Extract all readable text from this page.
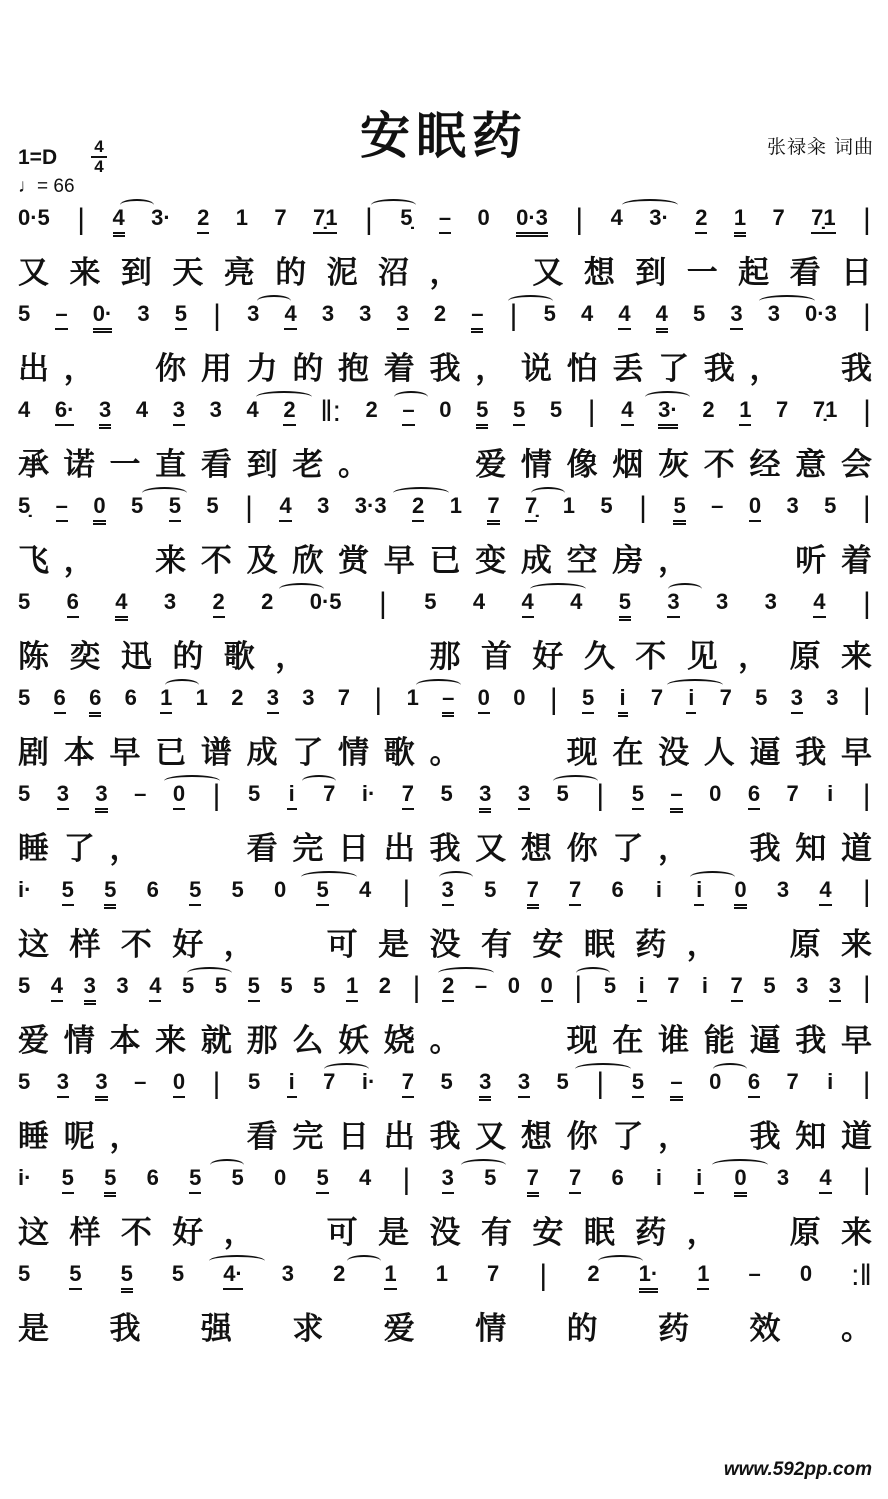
安眠药	张禄籴 词曲
$1=D \frac{4}{4}$
♩= 66
0·5 | 4 3· 2 1 7 7̣1 | 5̣ – 0 0·3 | 4 3· 2 1 7 7̣1 |
又 来 到 天 亮 的 泥 沼 ，
　 又 想 到 一 起 看 日
5 – 0· 3 5 | 3 4 3 3 3 2 – | 5 4 4 4 5 3 3 0·3 |
出 ，
　 你 用 力 的 抱 着 我 ， 说 怕 丢 了 我 ，
　 我
4 6· 3 4 3 3 4 2 ‖: 2 – 0 5 5 5 | 4 3· 2 1 7 7̣1 |
承 诺 一 直 看 到 老 。

　	爱 情 像 烟 灰 不 经 意 会
5̣ – 0 5 5 5 | 4 3 3·3 2 1 7 7̣ 1 5 | 5 – 0 3 5 |
飞 ，
　 来 不 及 欣 赏 早 已 变 成 空 房 ，

　	听 着
5 6 4 3 2 2 0·5 | 5 4 4 4 5 3 3 3 4 |
陈 奕 迅 的 歌 ，

　	那 首 好 久 不 见 ， 原 来
5 6 6 6 1 1 2 3 3 7 | 1 – 0 0 | 5 i 7 i 7 5 3 3 |
剧 本 早 已 谱 成 了 情 歌 。

　	现 在 没 人 逼 我 早
5 3 3 – 0 | 5 i 7 i· 7 5 3 3 5 | 5 – 0 6 7 i |
睡 了 ，

　	看 完 日 出 我 又 想 你 了 ，
　 我 知 道
i· 5 5 6 5 5 0 5 4 | 3 5 7 7 6 i i 0 3 4 |
这 样 不 好 ，
　 可 是 没 有 安 眠 药 ，
　 原 来
5 4 3 3 4 5 5 5 5 5 1 2 | 2 – 0 0 | 5 i 7 i 7 5 3 3 |
爱 情 本 来 就 那 么 妖 娆 。

　	现 在 谁 能 逼 我 早
5 3 3 – 0 | 5 i 7 i· 7 5 3 3 5 | 5 – 0 6 7 i |
睡 呢 ，

　	看 完 日 出 我 又 想 你 了 ，
　 我 知 道
i· 5 5 6 5 5 0 5 4 | 3 5 7 7 6 i i 0 3 4 |
这 样 不 好 ，
　 可 是 没 有 安 眠 药 ，
　 原 来
5 5 5 5 4· 3 2 1 1 7 | 2 1· 1 – 0 :‖
是 我 强 求 爱 情 的 药 效 。
www.592pp.com
